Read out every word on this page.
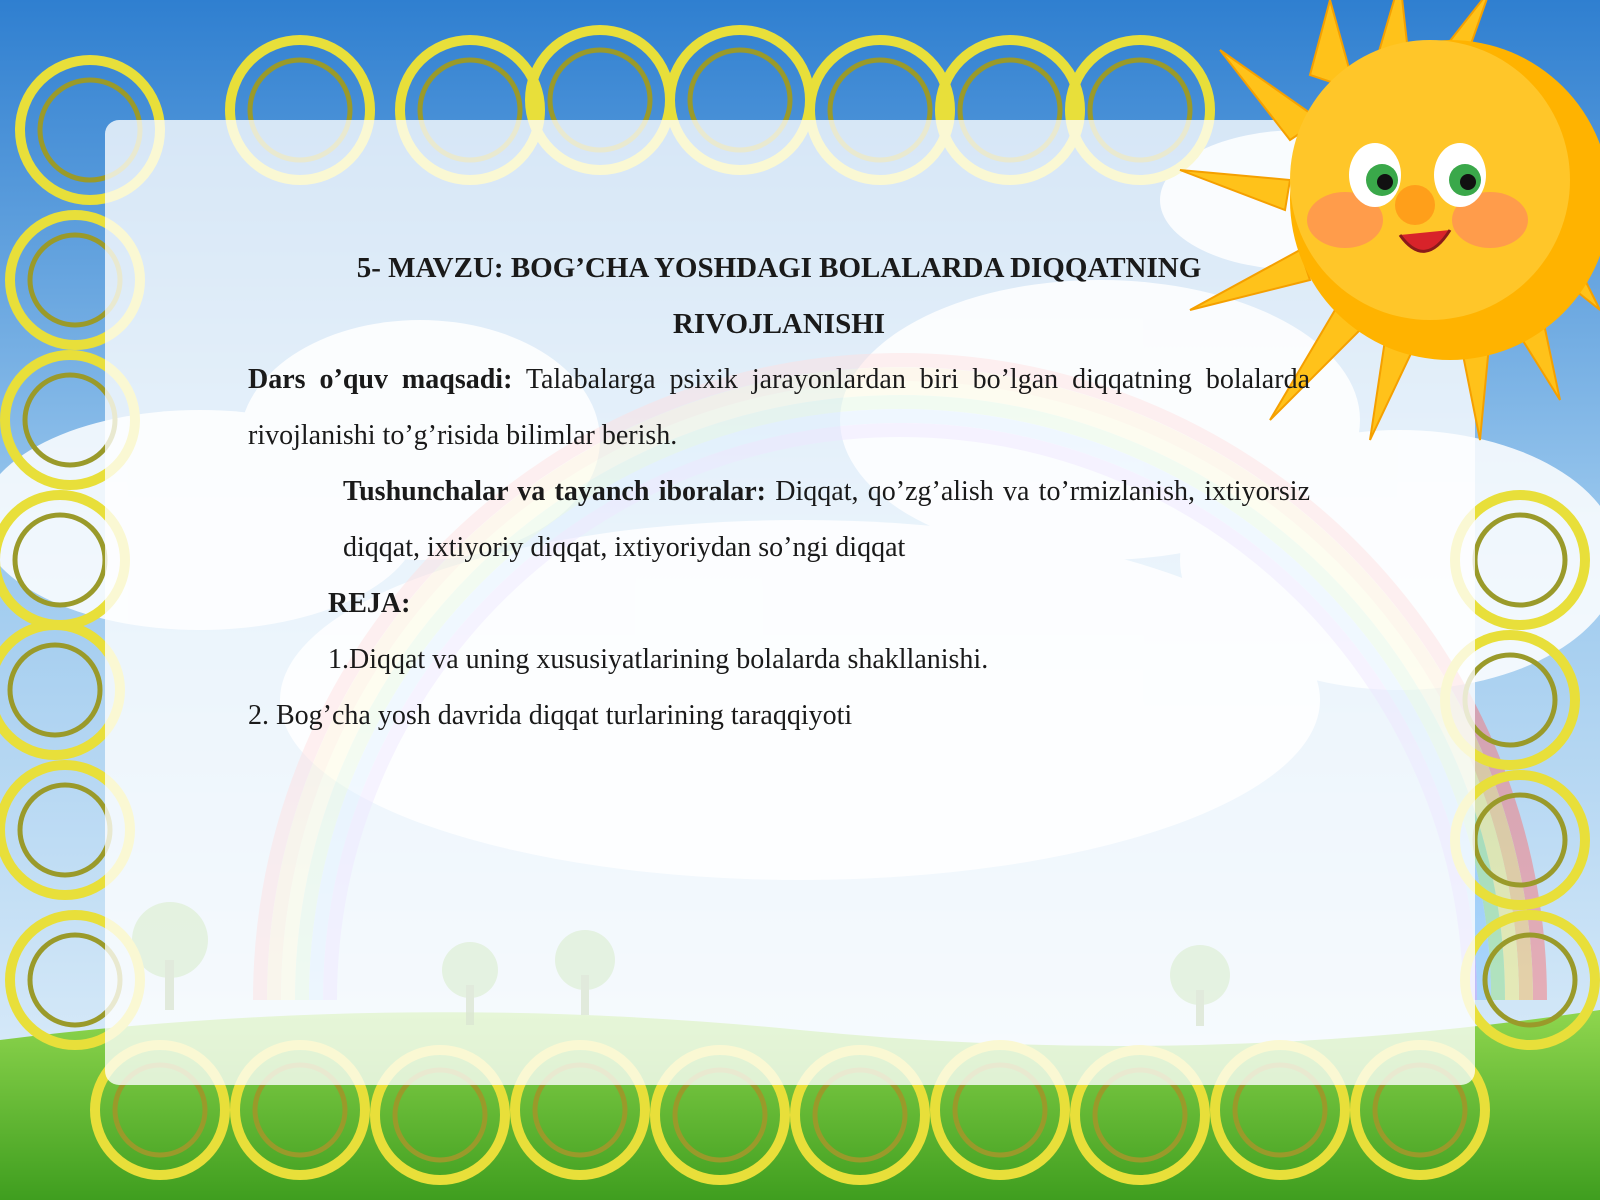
5- MAVZU: BOG’CHA YOSHDAGI BOLALARDA DIQQATNING
RIVOJLANISHI

Dars o’quv maqsadi: Talabalarga psixik jarayonlardan biri bo’lgan diqqatning bolalarda rivojlanishi to’g’risida bilimlar berish.

Tushunchalar va tayanch iboralar: Diqqat, qo’zg’alish va to’rmizlanish, ixtiyorsiz diqqat, ixtiyoriy diqqat, ixtiyoriydan so’ngi diqqat

REJA:

1.Diqqat va uning xususiyatlarining bolalarda shakllanishi.

2. Bog’cha yosh davrida diqqat turlarining taraqqiyoti
